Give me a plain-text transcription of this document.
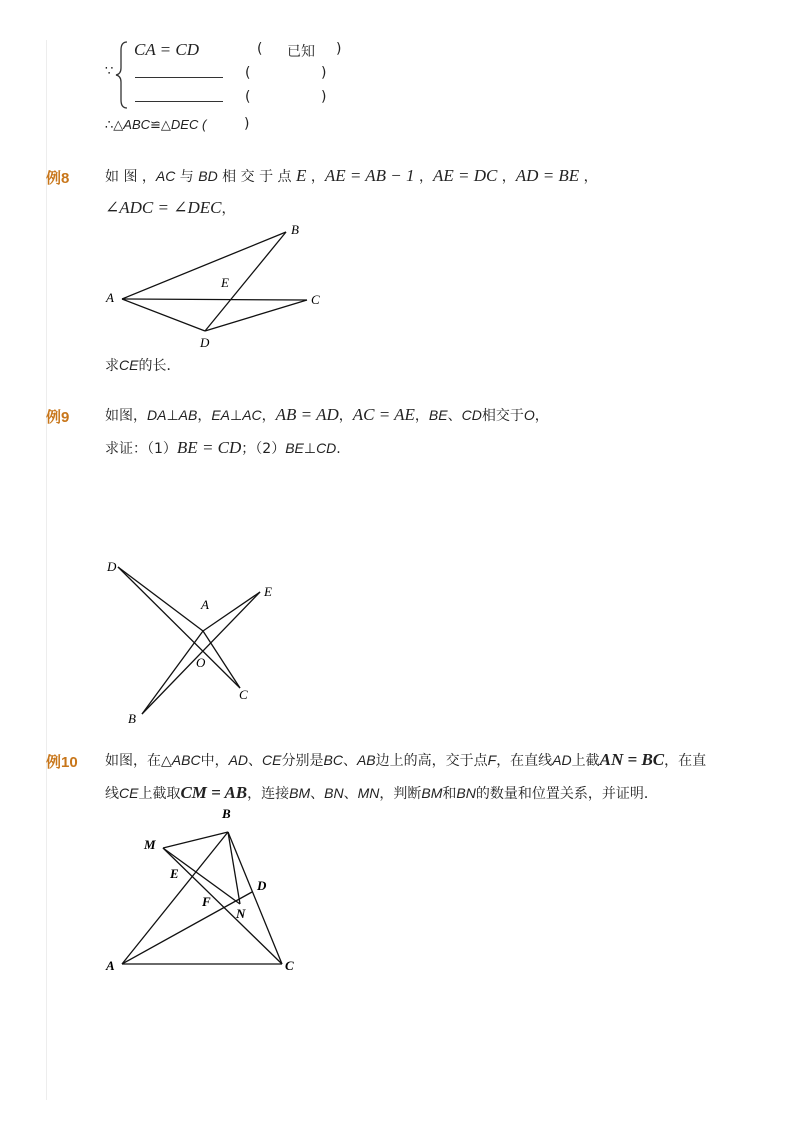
∵
CA = CD	( 已知 )
(	)
(	)
∴△ABC≌△DEC (	)
例8	如 图 ，AC 与 BD 相 交 于 点 E ，AE = AB − 1 ，AE = DC ，AD = BE ，
∠ADC = ∠DEC，
A
B
C
D
E
求CE的长．
例9	如图，DA⊥AB，EA⊥AC，AB = AD，AC = AE，BE、CD相交于O，
求证：（1）BE = CD；（2）BE⊥CD.
D
A
E
O
C
B
例10 如图，在△ABC中，AD、CE分别是BC、AB边上的高，交于点F，在直线AD上截AN = BC，在直
线CE上截取CM = AB，连接BM、BN、MN，判断BM和BN的数量和位置关系，并证明．
M
B
E
D
F
N
A	C
